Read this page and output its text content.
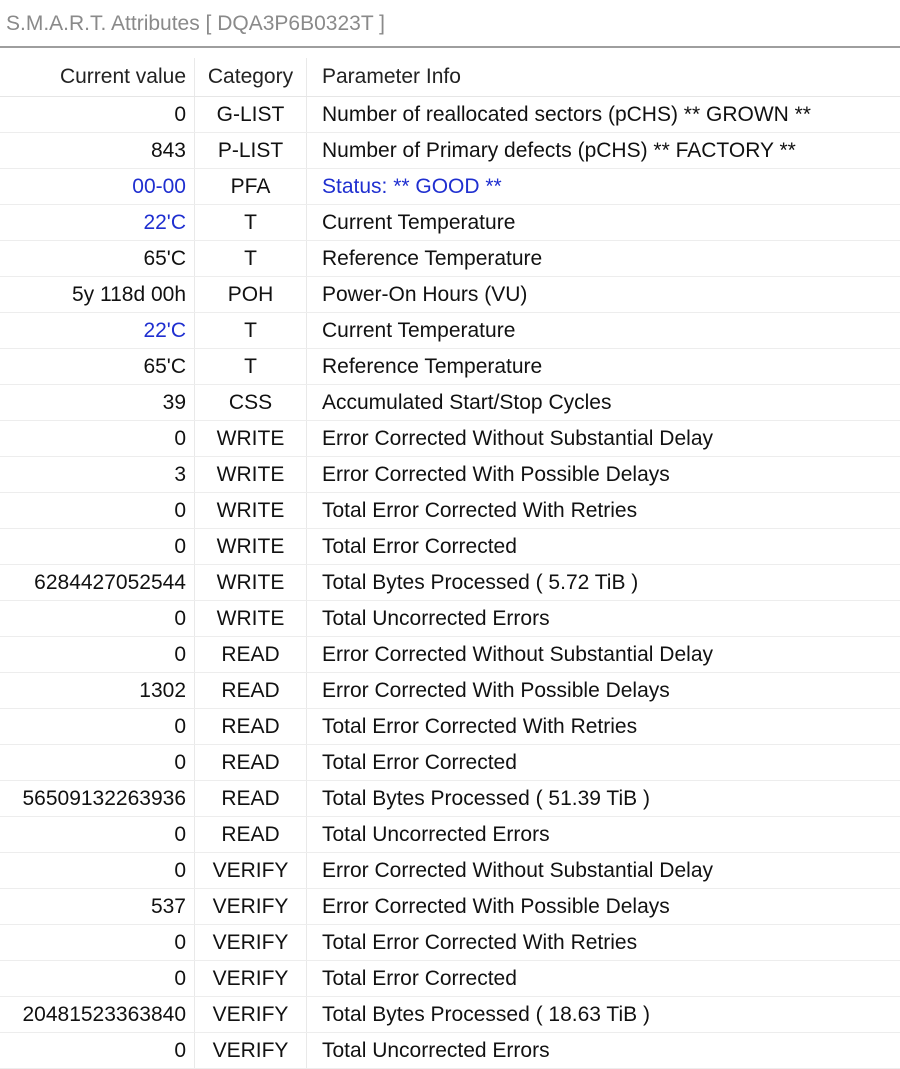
S.M.A.R.T. Attributes [ DQA3P6B0323T ]
Current value	Category	Parameter Info
0	G-LIST	Number of reallocated sectors (pCHS) ** GROWN **
843	P-LIST	Number of Primary defects (pCHS) ** FACTORY **
00-00	PFA	Status: ** GOOD **
22'C	T	Current Temperature
65'C	T	Reference Temperature
5y 118d 00h	POH	Power-On Hours (VU)
22'C	T	Current Temperature
65'C	T	Reference Temperature
39	CSS	Accumulated Start/Stop Cycles
0	WRITE	Error Corrected Without Substantial Delay
3	WRITE	Error Corrected With Possible Delays
0	WRITE	Total Error Corrected With Retries
0	WRITE	Total Error Corrected
6284427052544	WRITE	Total Bytes Processed ( 5.72 TiB )
0	WRITE	Total Uncorrected Errors
0	READ	Error Corrected Without Substantial Delay
1302	READ	Error Corrected With Possible Delays
0	READ	Total Error Corrected With Retries
0	READ	Total Error Corrected
56509132263936	READ	Total Bytes Processed ( 51.39 TiB )
0	READ	Total Uncorrected Errors
0	VERIFY	Error Corrected Without Substantial Delay
537	VERIFY	Error Corrected With Possible Delays
0	VERIFY	Total Error Corrected With Retries
0	VERIFY	Total Error Corrected
20481523363840	VERIFY	Total Bytes Processed ( 18.63 TiB )
0	VERIFY	Total Uncorrected Errors
